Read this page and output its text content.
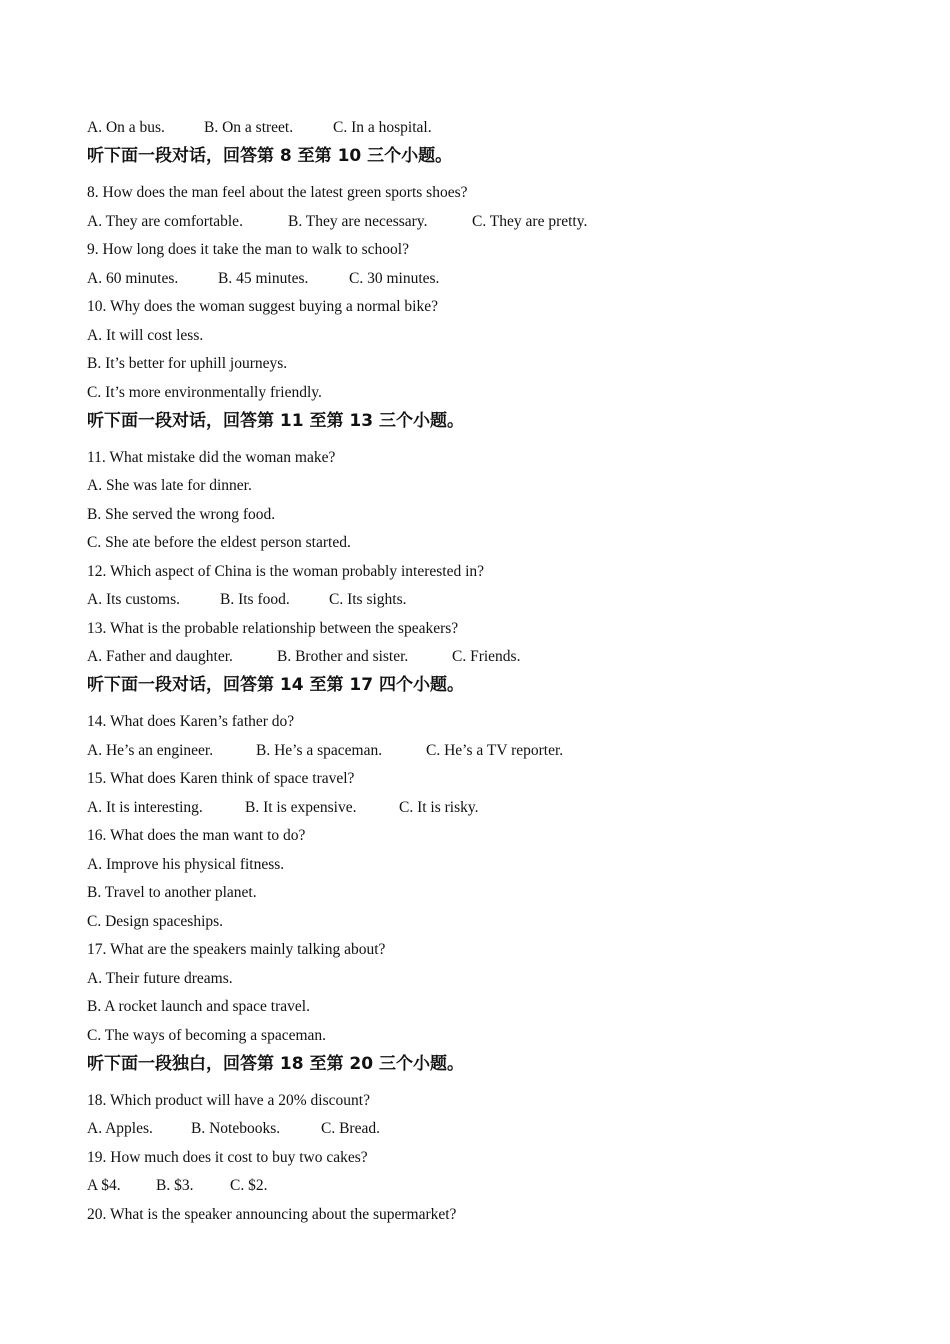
A. On a bus.	B. On a street.	C. In a hospital.
听下面一段对话，回答第 8 至第 10 三个小题。
8. How does the man feel about the latest green sports shoes?
A. They are comfortable.	B. They are necessary.	C. They are pretty.
9. How long does it take the man to walk to school?
A. 60 minutes.	B. 45 minutes.	C. 30 minutes.
10. Why does the woman suggest buying a normal bike?
A. It will cost less.
B. It’s better for uphill journeys.
C. It’s more environmentally friendly.
听下面一段对话，回答第 11 至第 13 三个小题。
11. What mistake did the woman make?
A. She was late for dinner.
B. She served the wrong food.
C. She ate before the eldest person started.
12. Which aspect of China is the woman probably interested in?
A. Its customs.	B. Its food.	C. Its sights.
13. What is the probable relationship between the speakers?
A. Father and daughter.	B. Brother and sister.	C. Friends.
听下面一段对话，回答第 14 至第 17 四个小题。
14. What does Karen’s father do?
A. He’s an engineer.	B. He’s a spaceman.	C. He’s a TV reporter.
15. What does Karen think of space travel?
A. It is interesting.	B. It is expensive.	C. It is risky.
16. What does the man want to do?
A. Improve his physical fitness.
B. Travel to another planet.
C. Design spaceships.
17. What are the speakers mainly talking about?
A. Their future dreams.
B. A rocket launch and space travel.
C. The ways of becoming a spaceman.
听下面一段独白，回答第 18 至第 20 三个小题。
18. Which product will have a 20% discount?
A. Apples. B. Notebooks.	C. Bread.
19. How much does it cost to buy two cakes?
A $4. B. $3. C. $2.
20. What is the speaker announcing about the supermarket?
